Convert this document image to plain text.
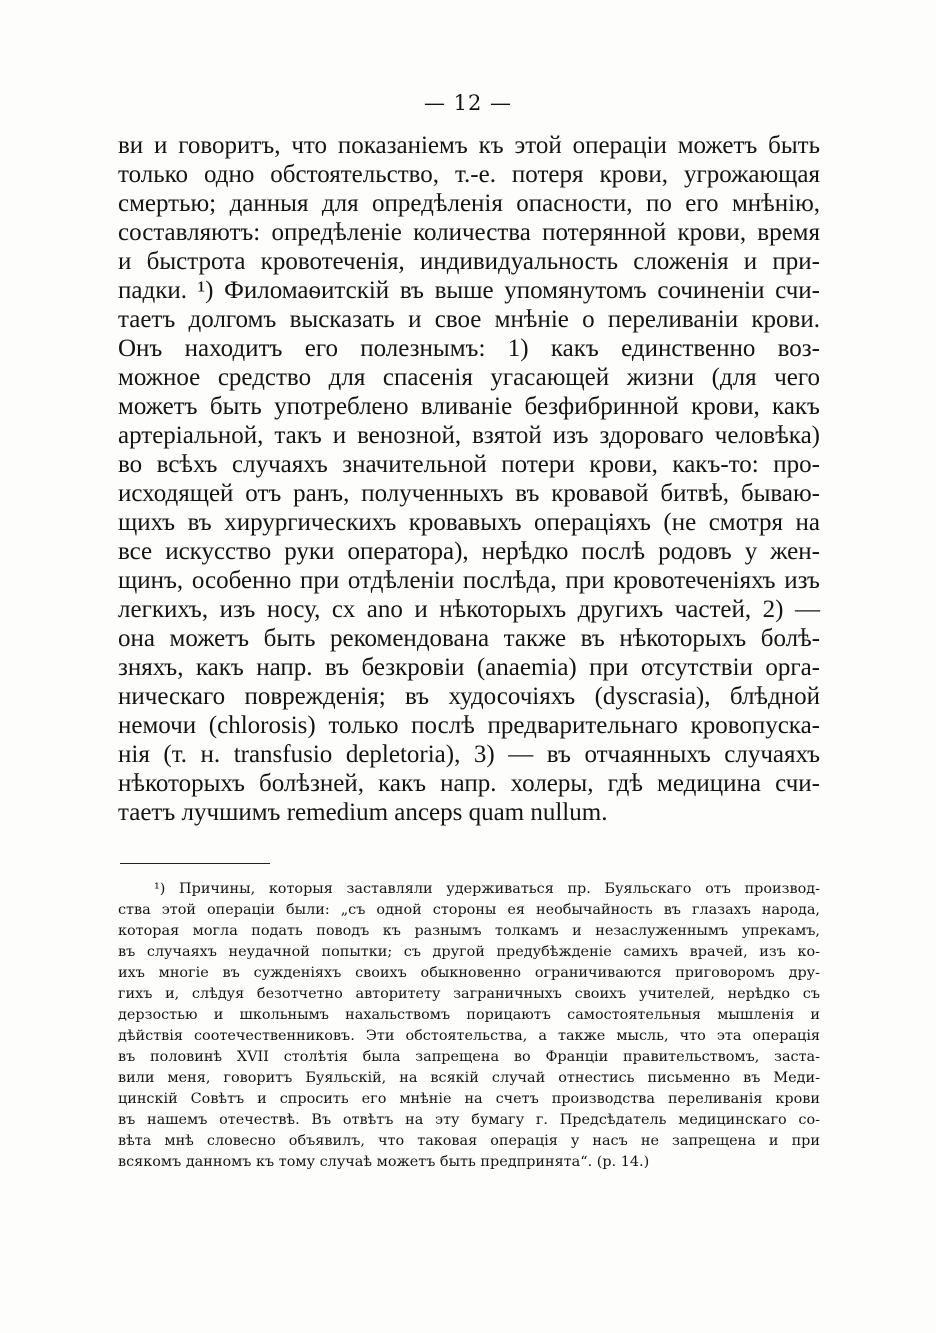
— 12 —
ви и говоритъ, что показаніемъ къ этой операціи можетъ быть
только одно обстоятельство, т.-е. потеря крови, угрожающая
смертью; данныя для опредѣленія опасности, по его мнѣнію,
составляютъ: опредѣленіе количества потерянной крови, время
и быстрота кровотеченія, индивидуальность сложенія и при-
падки. ¹) Филомаѳитскій въ выше упомянутомъ сочиненіи счи-
таетъ долгомъ высказать и свое мнѣніе о переливаніи крови.
Онъ находитъ его полезнымъ: 1) какъ единственно воз-
можное средство для спасенія угасающей жизни (для чего
можетъ быть употреблено вливаніе безфибринной крови, какъ
артеріальной, такъ и венозной, взятой изъ здороваго человѣка)
во всѣхъ случаяхъ значительной потери крови, какъ-то: про-
исходящей отъ ранъ, полученныхъ въ кровавой битвѣ, бываю-
щихъ въ хирургическихъ кровавыхъ операціяхъ (не смотря на
все искусство руки оператора), нерѣдко послѣ родовъ у жен-
щинъ, особенно при отдѣленіи послѣда, при кровотеченіяхъ изъ
легкихъ, изъ носу, сх ano и нѣкоторыхъ другихъ частей, 2) —
она можетъ быть рекомендована также въ нѣкоторыхъ болѣ-
зняхъ, какъ напр. въ безкровіи (anaemia) при отсутствіи орга-
ническаго поврежденія; въ худосочіяхъ (dyscrasia), блѣдной
немочи (chlorosis) только послѣ предварительнаго кровопуска-
нія (т. н. transfusio depletoria), 3) — въ отчаянныхъ случаяхъ
нѣкоторыхъ болѣзней, какъ напр. холеры, гдѣ медицина счи-
таетъ лучшимъ remedium anceps quam nullum.
¹) Причины, которыя заставляли удерживаться пр. Буяльскаго отъ производ-
ства этой операціи были: „съ одной стороны ея необычайность въ глазахъ народа,
которая могла подать поводъ къ разнымъ толкамъ и незаслуженнымъ упрекамъ,
въ случаяхъ неудачной попытки; съ другой предубѣжденіе самихъ врачей, изъ ко-
ихъ многіе въ сужденіяхъ своихъ обыкновенно ограничиваются приговоромъ дру-
гихъ и, слѣдуя безотчетно авторитету заграничныхъ своихъ учителей, нерѣдко съ
дерзостью и школьнымъ нахальствомъ порицаютъ самостоятельныя мышленія и
дѣйствія соотечественниковъ. Эти обстоятельства, а также мысль, что эта операція
въ половинѣ XVII столѣтія была запрещена во Франціи правительствомъ, заста-
вили меня, говоритъ Буяльскій, на всякій случай отнестись письменно въ Меди-
цинскій Совѣтъ и спросить его мнѣніе на счетъ производства переливанія крови
въ нашемъ отечествѣ. Въ отвѣтъ на эту бумагу г. Предсѣдатель медицинскаго со-
вѣта мнѣ словесно объявилъ, что таковая операція у насъ не запрещена и при
всякомъ данномъ къ тому случаѣ можетъ быть предпринята“. (р. 14.)
